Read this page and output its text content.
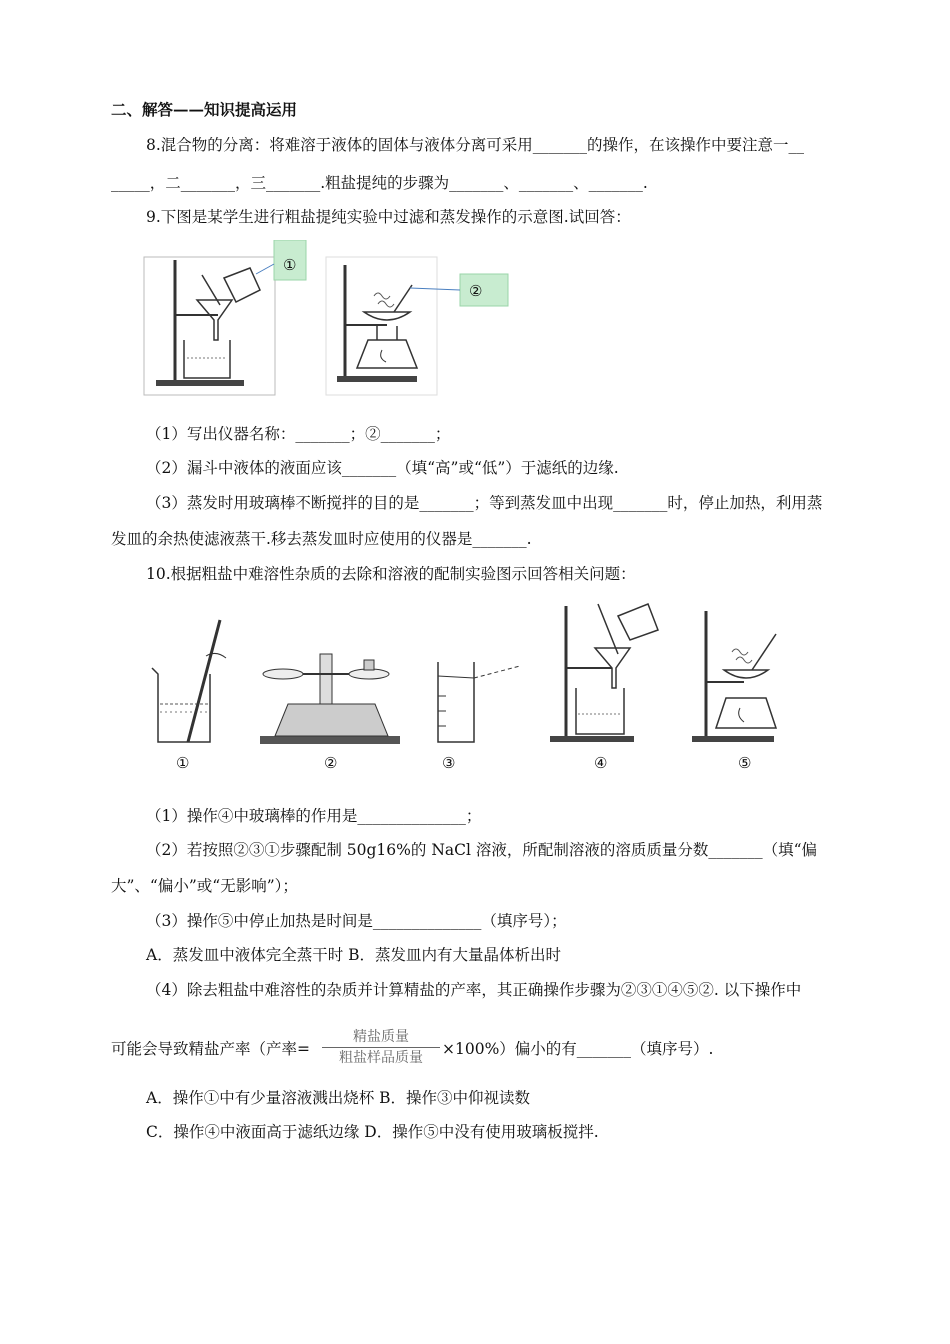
二、解答——知识提高运用
8.混合物的分离：将难溶于液体的固体与液体分离可采用_______的操作，在该操作中要注意一__
_____，二_______，三_______.粗盐提纯的步骤为_______、_______、_______.
9.下图是某学生进行粗盐提纯实验中过滤和蒸发操作的示意图.试回答：
①
②
（1）写出仪器名称：_______；②_______；
（2）漏斗中液体的液面应该_______（填“高”或“低”）于滤纸的边缘.
（3）蒸发时用玻璃棒不断搅拌的目的是_______；等到蒸发皿中出现_______时，停止加热，利用蒸
发皿的余热使滤液蒸干.移去蒸发皿时应使用的仪器是_______.
10.根据粗盐中难溶性杂质的去除和溶液的配制实验图示回答相关问题：
①	②	③	④	⑤
（1）操作④中玻璃棒的作用是______________；
（2）若按照②③①步骤配制 50g16%的 NaCl 溶液，所配制溶液的溶质质量分数_______（填“偏
大”、“偏小”或“无影响”）；
（3）操作⑤中停止加热是时间是______________（填序号）；
A．蒸发皿中液体完全蒸干时 B．蒸发皿内有大量晶体析出时
（4）除去粗盐中难溶性的杂质并计算精盐的产率，其正确操作步骤为②③①④⑤②. 以下操作中
可能会导致精盐产率（产率=
精盐质量
粗盐样品质量	×100%）偏小的有_______（填序号）.
A．操作①中有少量溶液溅出烧杯 B．操作③中仰视读数
C．操作④中液面高于滤纸边缘 D．操作⑤中没有使用玻璃板搅拌.
